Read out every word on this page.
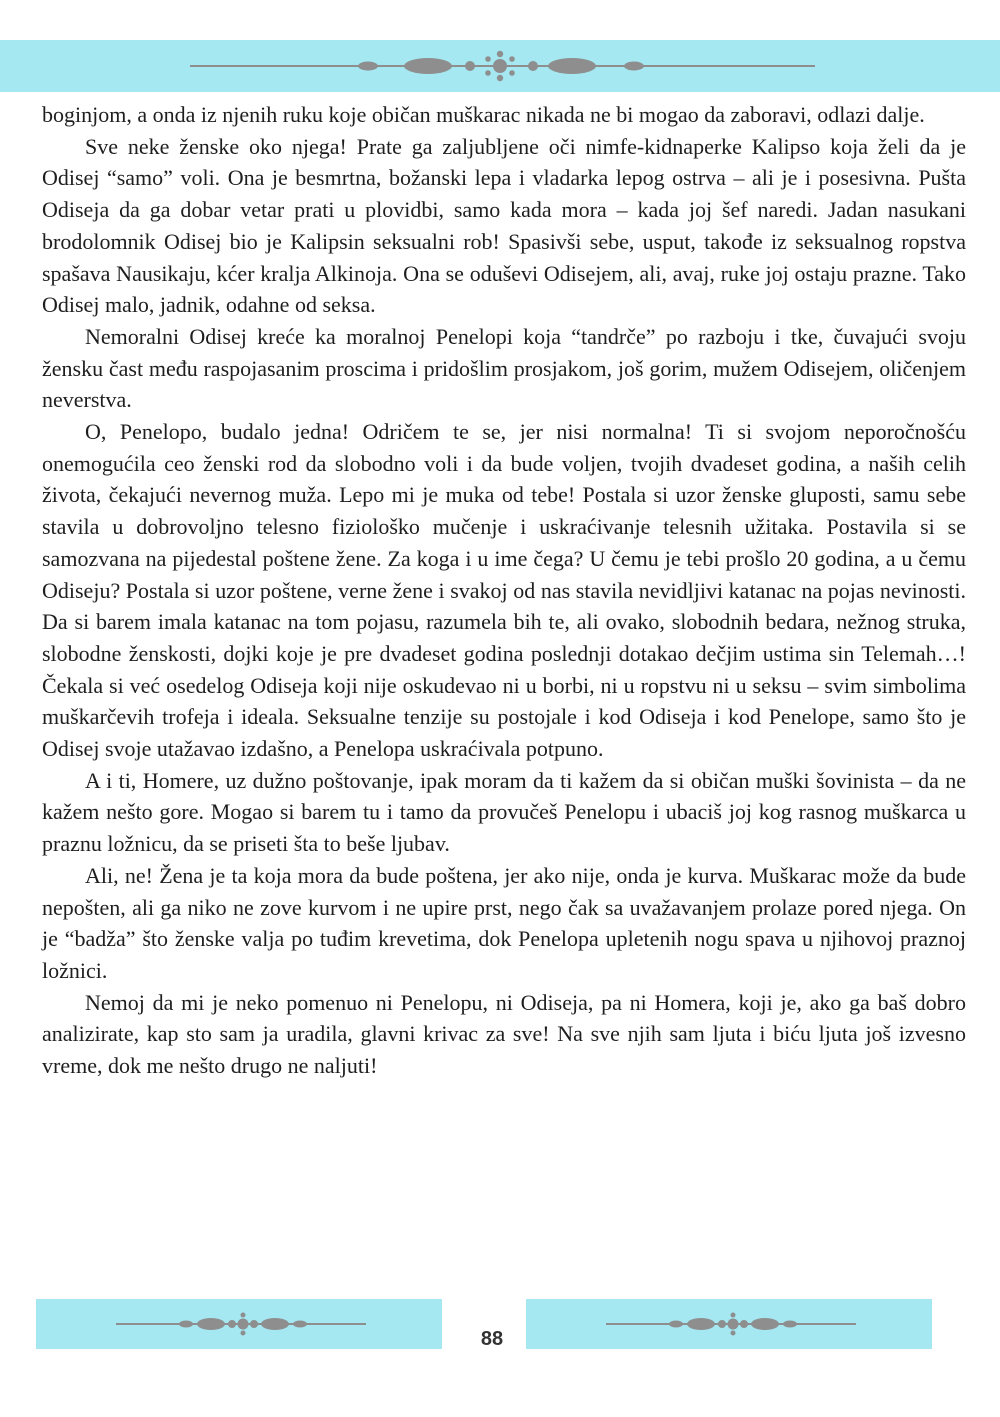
boginjom, a onda iz njenih ruku koje običan muškarac nikada ne bi mogao da zaboravi, odlazi dalje.

Sve neke ženske oko njega! Prate ga zaljubljene oči nimfe-kidnaperke Kalipso koja želi da je Odisej “samo” voli. Ona je besmrtna, božanski lepa i vladarka lepog ostrva – ali je i posesivna. Pušta Odiseja da ga dobar vetar prati u plovidbi, samo kada mora – kada joj šef naredi. Jadan nasukani brodolomnik Odisej bio je Kalipsin seksualni rob! Spasivši sebe, usput, takođe iz seksualnog ropstva spašava Nausikaju, kćer kralja Alkinoja. Ona se oduševi Odisejem, ali, avaj, ruke joj ostaju prazne. Tako Odisej malo, jadnik, odahne od seksa.

Nemoralni Odisej kreće ka moralnoj Penelopi koja “tandrče” po razboju i tke, čuvajući svoju žensku čast među raspojasanim proscima i pridošlim prosjakom, još gorim, mužem Odisejem, oličenjem neverstva.

O, Penelopo, budalo jedna! Odričem te se, jer nisi normalna! Ti si svojom neporočnošću onemogućila ceo ženski rod da slobodno voli i da bude voljen, tvojih dvadeset godina, a naših celih života, čekajući nevernog muža. Lepo mi je muka od tebe! Postala si uzor ženske gluposti, samu sebe stavila u dobrovoljno telesno fiziološko mučenje i uskraćivanje telesnih užitaka. Postavila si se samozvana na pijedestal poštene žene. Za koga i u ime čega? U čemu je tebi prošlo 20 godina, a u čemu Odiseju? Postala si uzor poštene, verne žene i svakoj od nas stavila nevidljivi katanac na pojas nevinosti. Da si barem imala katanac na tom pojasu, razumela bih te, ali ovako, slobodnih bedara, nežnog struka, slobodne ženskosti, dojki koje je pre dvadeset godina poslednji dotakao dečjim ustima sin Telemah…! Čekala si već osedelog Odiseja koji nije oskudevao ni u borbi, ni u ropstvu ni u seksu – svim simbolima muškarčevih trofeja i ideala. Seksualne tenzije su postojale i kod Odiseja i kod Penelope, samo što je Odisej svoje utažavao izdašno, a Penelopa uskraćivala potpuno.

A i ti, Homere, uz dužno poštovanje, ipak moram da ti kažem da si običan muški šovinista – da ne kažem nešto gore. Mogao si barem tu i tamo da provučeš Penelopu i ubaciš joj kog rasnog muškarca u praznu ložnicu, da se priseti šta to beše ljubav.

Ali, ne! Žena je ta koja mora da bude poštena, jer ako nije, onda je kurva. Muškarac može da bude nepošten, ali ga niko ne zove kurvom i ne upire prst, nego čak sa uvažavanjem prolaze pored njega. On je “badža” što ženske valja po tuđim krevetima, dok Penelopa upletenih nogu spava u njihovoj praznoj ložnici.

Nemoj da mi je neko pomenuo ni Penelopu, ni Odiseja, pa ni Homera, koji je, ako ga baš dobro analizirate, kap sto sam ja uradila, glavni krivac za sve! Na sve njih sam ljuta i biću ljuta još izvesno vreme, dok me nešto drugo ne naljuti!

88
